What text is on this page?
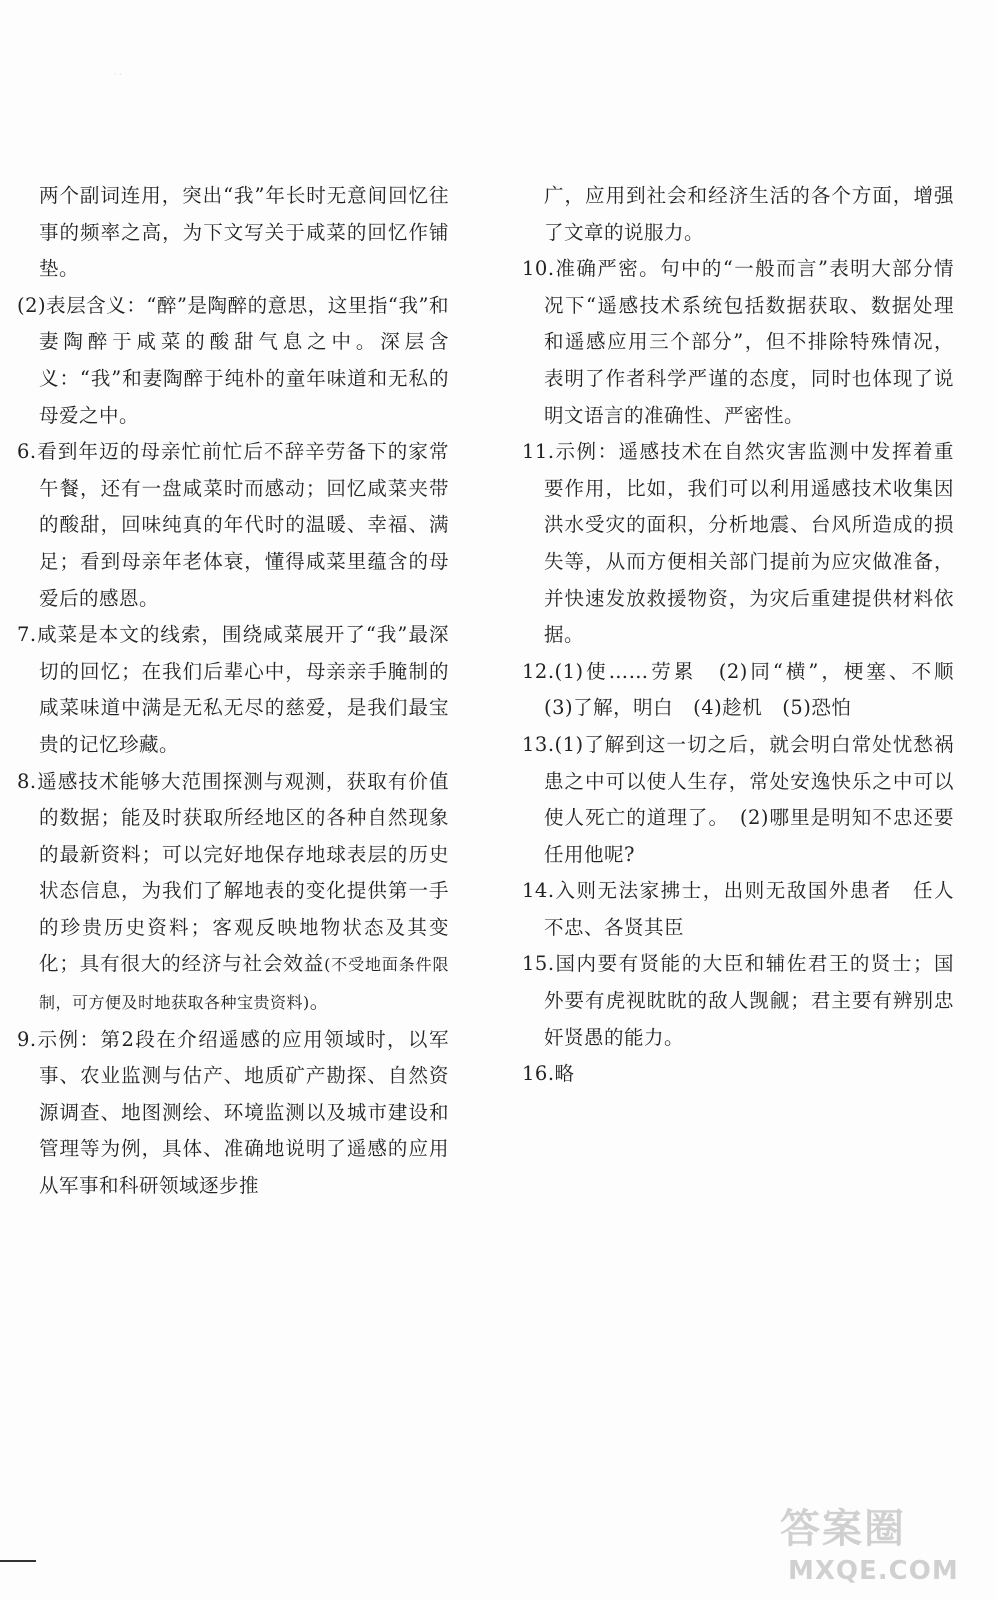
· ·

两个副词连用，突出“我”年长时无意间回忆往事的频率之高，为下文写关于咸菜的回忆作铺垫。

(2)表层含义：“醉”是陶醉的意思，这里指“我”和妻陶醉于咸菜的酸甜气息之中。深层含义：“我”和妻陶醉于纯朴的童年味道和无私的母爱之中。

6.看到年迈的母亲忙前忙后不辞辛劳备下的家常午餐，还有一盘咸菜时而感动；回忆咸菜夹带的酸甜，回味纯真的年代时的温暖、幸福、满足；看到母亲年老体衰，懂得咸菜里蕴含的母爱后的感恩。

7.咸菜是本文的线索，围绕咸菜展开了“我”最深切的回忆；在我们后辈心中，母亲亲手腌制的咸菜味道中满是无私无尽的慈爱，是我们最宝贵的记忆珍藏。

8.遥感技术能够大范围探测与观测，获取有价值的数据；能及时获取所经地区的各种自然现象的最新资料；可以完好地保存地球表层的历史状态信息，为我们了解地表的变化提供第一手的珍贵历史资料；客观反映地物状态及其变化；具有很大的经济与社会效益(不受地面条件限制，可方便及时地获取各种宝贵资料)。

9.示例：第2段在介绍遥感的应用领域时，以军事、农业监测与估产、地质矿产勘探、自然资源调查、地图测绘、环境监测以及城市建设和管理等为例，具体、准确地说明了遥感的应用从军事和科研领域逐步推

广，应用到社会和经济生活的各个方面，增强了文章的说服力。

10.准确严密。句中的“一般而言”表明大部分情况下“遥感技术系统包括数据获取、数据处理和遥感应用三个部分”，但不排除特殊情况，表明了作者科学严谨的态度，同时也体现了说明文语言的准确性、严密性。

11.示例：遥感技术在自然灾害监测中发挥着重要作用，比如，我们可以利用遥感技术收集因洪水受灾的面积，分析地震、台风所造成的损失等，从而方便相关部门提前为应灾做准备，并快速发放救援物资，为灾后重建提供材料依据。

12.(1)使……劳累　(2)同“横”，梗塞、不顺　(3)了解，明白　(4)趁机　(5)恐怕

13.(1)了解到这一切之后，就会明白常处忧愁祸患之中可以使人生存，常处安逸快乐之中可以使人死亡的道理了。　(2)哪里是明知不忠还要任用他呢?

14.入则无法家拂士，出则无敌国外患者　任人不忠、各贤其臣

15.国内要有贤能的大臣和辅佐君王的贤士；国外要有虎视眈眈的敌人觊觎；君主要有辨别忠奸贤愚的能力。

16.略

答案圈
MXQE.COM
